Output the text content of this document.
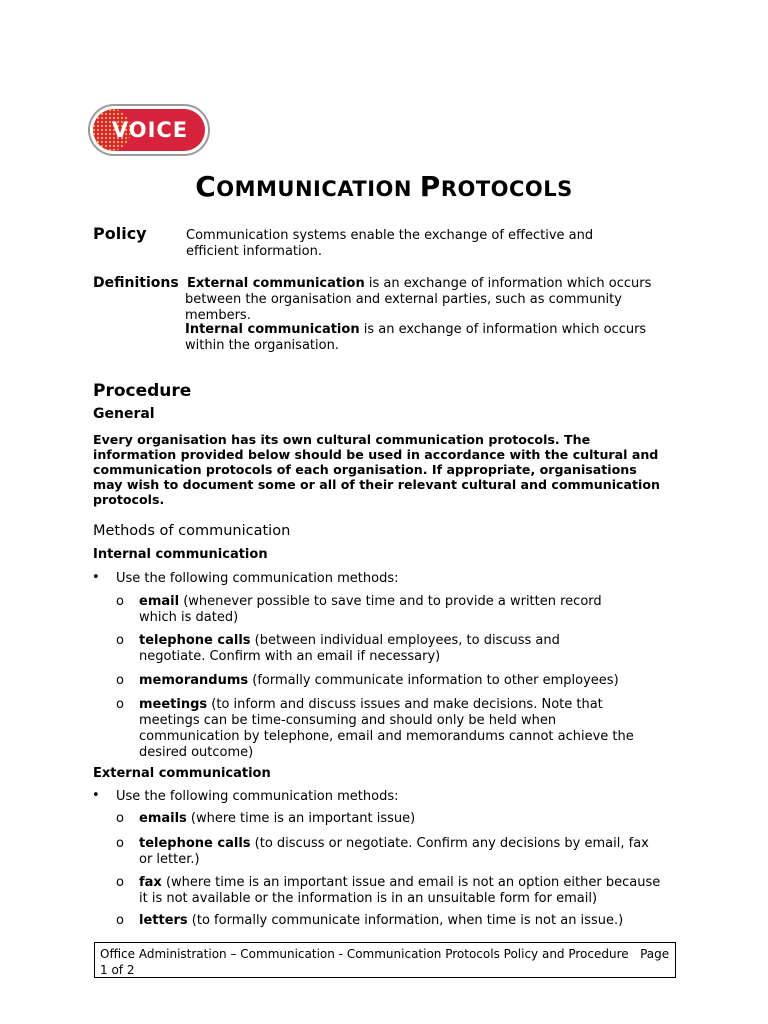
VOICE
COMMUNICATION PROTOCOLS
Policy	Communication systems enable the exchange of effective and efficient information.
Definitions External communication is an exchange of information which occurs between the organisation and external parties, such as community members.
Internal communication is an exchange of information which occurs within the organisation.
Procedure
General
Every organisation has its own cultural communication protocols. The information provided below should be used in accordance with the cultural and communication protocols of each organisation. If appropriate, organisations may wish to document some or all of their relevant cultural and communication protocols.
Methods of communication
Internal communication
• Use the following communication methods:
o email (whenever possible to save time and to provide a written record which is dated)
o telephone calls (between individual employees, to discuss and negotiate. Confirm with an email if necessary)
o memorandums (formally communicate information to other employees)
o meetings (to inform and discuss issues and make decisions. Note that meetings can be time-consuming and should only be held when communication by telephone, email and memorandums cannot achieve the desired outcome)
External communication
• Use the following communication methods:
o emails (where time is an important issue)
o telephone calls (to discuss or negotiate. Confirm any decisions by email, fax or letter.)
o fax (where time is an important issue and email is not an option either because it is not available or the information is in an unsuitable form for email)
o letters (to formally communicate information, when time is not an issue.)
Office Administration – Communication - Communication Protocols Policy and Procedure Page 1 of 2
